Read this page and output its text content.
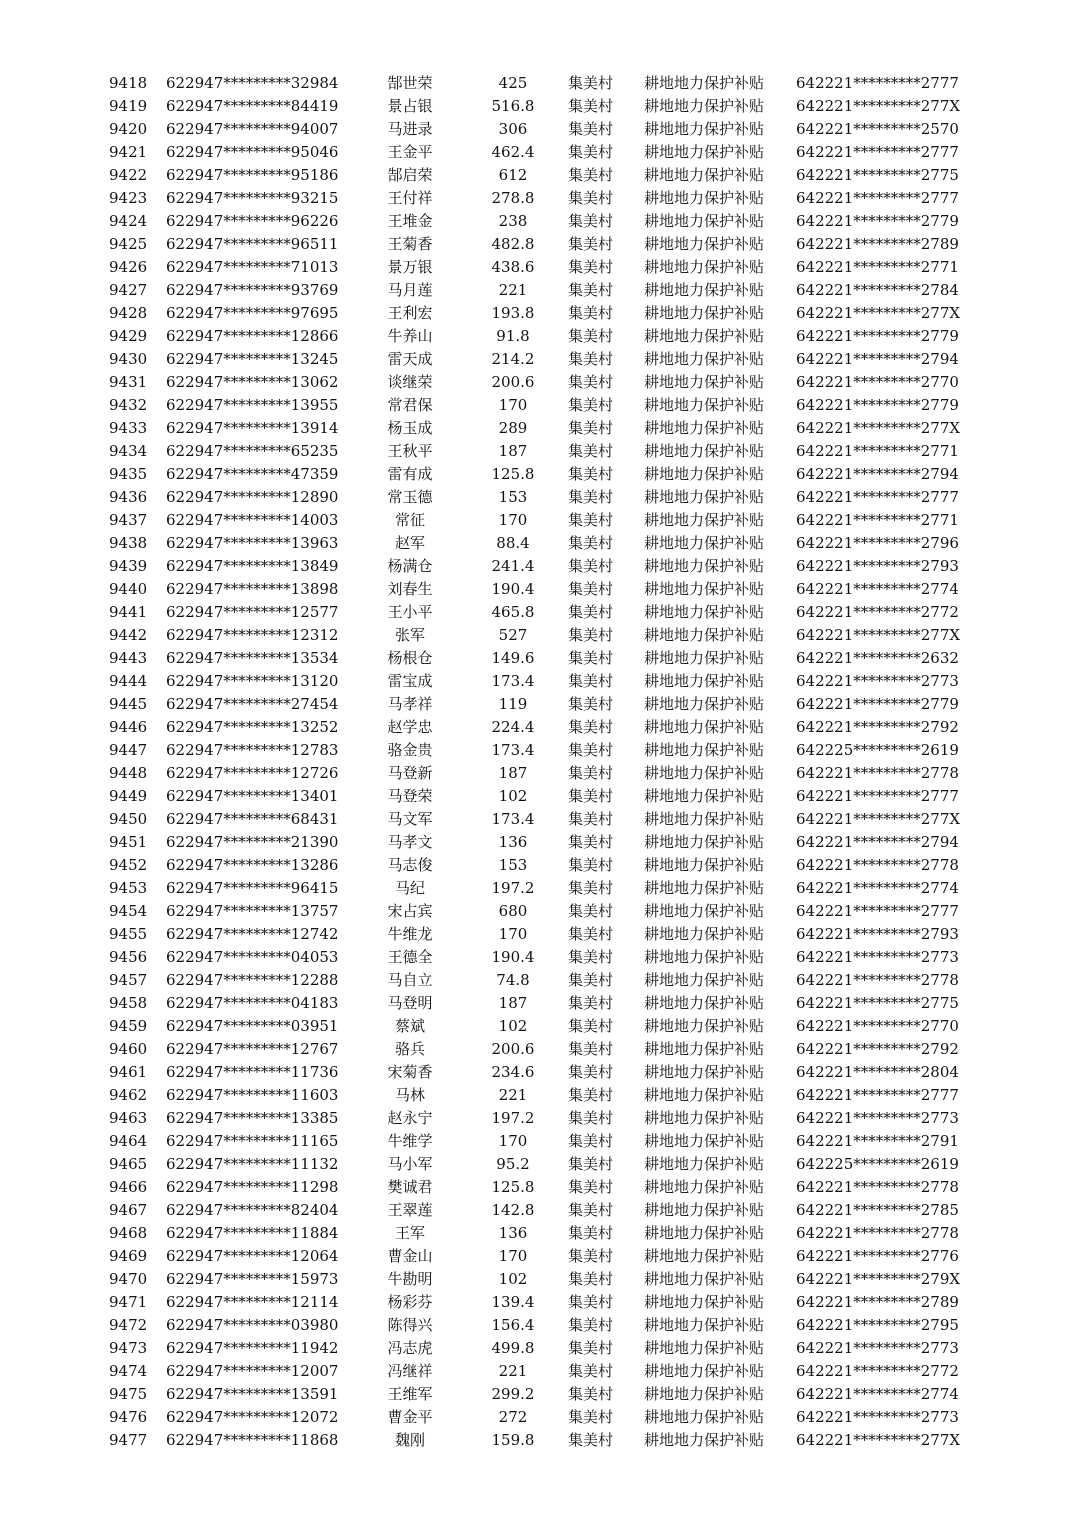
9418	622947*********32984	郜世荣	425	集美村	耕地地力保护补贴	642221*********2777
9419	622947*********84419	景占银	516.8	集美村	耕地地力保护补贴	642221*********277X
9420	622947*********94007	马进录	306	集美村	耕地地力保护补贴	642221*********2570
9421	622947*********95046	王金平	462.4	集美村	耕地地力保护补贴	642221*********2777
9422	622947*********95186	郜启荣	612	集美村	耕地地力保护补贴	642221*********2775
9423	622947*********93215	王付祥	278.8	集美村	耕地地力保护补贴	642221*********2777
9424	622947*********96226	王堆金	238	集美村	耕地地力保护补贴	642221*********2779
9425	622947*********96511	王菊香	482.8	集美村	耕地地力保护补贴	642221*********2789
9426	622947*********71013	景万银	438.6	集美村	耕地地力保护补贴	642221*********2771
9427	622947*********93769	马月莲	221	集美村	耕地地力保护补贴	642221*********2784
9428	622947*********97695	王利宏	193.8	集美村	耕地地力保护补贴	642221*********277X
9429	622947*********12866	牛养山	91.8	集美村	耕地地力保护补贴	642221*********2779
9430	622947*********13245	雷天成	214.2	集美村	耕地地力保护补贴	642221*********2794
9431	622947*********13062	谈继荣	200.6	集美村	耕地地力保护补贴	642221*********2770
9432	622947*********13955	常君保	170	集美村	耕地地力保护补贴	642221*********2779
9433	622947*********13914	杨玉成	289	集美村	耕地地力保护补贴	642221*********277X
9434	622947*********65235	王秋平	187	集美村	耕地地力保护补贴	642221*********2771
9435	622947*********47359	雷有成	125.8	集美村	耕地地力保护补贴	642221*********2794
9436	622947*********12890	常玉德	153	集美村	耕地地力保护补贴	642221*********2777
9437	622947*********14003	常征	170	集美村	耕地地力保护补贴	642221*********2771
9438	622947*********13963	赵军	88.4	集美村	耕地地力保护补贴	642221*********2796
9439	622947*********13849	杨满仓	241.4	集美村	耕地地力保护补贴	642221*********2793
9440	622947*********13898	刘春生	190.4	集美村	耕地地力保护补贴	642221*********2774
9441	622947*********12577	王小平	465.8	集美村	耕地地力保护补贴	642221*********2772
9442	622947*********12312	张军	527	集美村	耕地地力保护补贴	642221*********277X
9443	622947*********13534	杨根仓	149.6	集美村	耕地地力保护补贴	642221*********2632
9444	622947*********13120	雷宝成	173.4	集美村	耕地地力保护补贴	642221*********2773
9445	622947*********27454	马孝祥	119	集美村	耕地地力保护补贴	642221*********2779
9446	622947*********13252	赵学忠	224.4	集美村	耕地地力保护补贴	642221*********2792
9447	622947*********12783	骆金贵	173.4	集美村	耕地地力保护补贴	642225*********2619
9448	622947*********12726	马登新	187	集美村	耕地地力保护补贴	642221*********2778
9449	622947*********13401	马登荣	102	集美村	耕地地力保护补贴	642221*********2777
9450	622947*********68431	马文军	173.4	集美村	耕地地力保护补贴	642221*********277X
9451	622947*********21390	马孝文	136	集美村	耕地地力保护补贴	642221*********2794
9452	622947*********13286	马志俊	153	集美村	耕地地力保护补贴	642221*********2778
9453	622947*********96415	马纪	197.2	集美村	耕地地力保护补贴	642221*********2774
9454	622947*********13757	宋占宾	680	集美村	耕地地力保护补贴	642221*********2777
9455	622947*********12742	牛维龙	170	集美村	耕地地力保护补贴	642221*********2793
9456	622947*********04053	王德全	190.4	集美村	耕地地力保护补贴	642221*********2773
9457	622947*********12288	马自立	74.8	集美村	耕地地力保护补贴	642221*********2778
9458	622947*********04183	马登明	187	集美村	耕地地力保护补贴	642221*********2775
9459	622947*********03951	蔡斌	102	集美村	耕地地力保护补贴	642221*********2770
9460	622947*********12767	骆兵	200.6	集美村	耕地地力保护补贴	642221*********2792
9461	622947*********11736	宋菊香	234.6	集美村	耕地地力保护补贴	642221*********2804
9462	622947*********11603	马林	221	集美村	耕地地力保护补贴	642221*********2777
9463	622947*********13385	赵永宁	197.2	集美村	耕地地力保护补贴	642221*********2773
9464	622947*********11165	牛维学	170	集美村	耕地地力保护补贴	642221*********2791
9465	622947*********11132	马小军	95.2	集美村	耕地地力保护补贴	642225*********2619
9466	622947*********11298	樊诚君	125.8	集美村	耕地地力保护补贴	642221*********2778
9467	622947*********82404	王翠莲	142.8	集美村	耕地地力保护补贴	642221*********2785
9468	622947*********11884	王军	136	集美村	耕地地力保护补贴	642221*********2778
9469	622947*********12064	曹金山	170	集美村	耕地地力保护补贴	642221*********2776
9470	622947*********15973	牛勘明	102	集美村	耕地地力保护补贴	642221*********279X
9471	622947*********12114	杨彩芬	139.4	集美村	耕地地力保护补贴	642221*********2789
9472	622947*********03980	陈得兴	156.4	集美村	耕地地力保护补贴	642221*********2795
9473	622947*********11942	冯志虎	499.8	集美村	耕地地力保护补贴	642221*********2773
9474	622947*********12007	冯继祥	221	集美村	耕地地力保护补贴	642221*********2772
9475	622947*********13591	王维军	299.2	集美村	耕地地力保护补贴	642221*********2774
9476	622947*********12072	曹金平	272	集美村	耕地地力保护补贴	642221*********2773
9477	622947*********11868	魏刚	159.8	集美村	耕地地力保护补贴	642221*********277X
